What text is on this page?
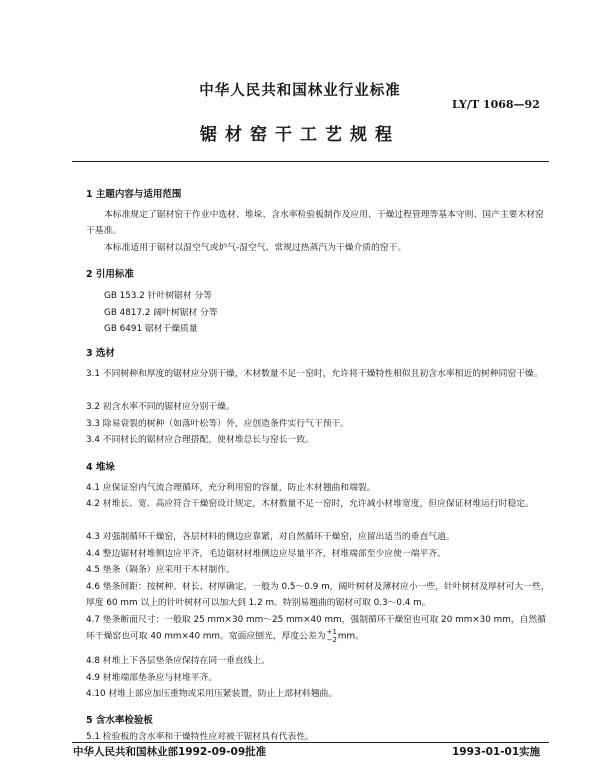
中华人民共和国林业行业标准
LY/T 1068—92
锯材窑干工艺规程
1 主题内容与适用范围
本标准规定了锯材窑干作业中选材、堆垛、含水率检验板制作及应用、干燥过程管理等基本守则、国产主要木材窑干基准。
本标准适用于锯材以湿空气或炉气-湿空气、常规过热蒸汽为干燥介质的窑干。
2 引用标准
GB 153.2 针叶树锯材 分等
GB 4817.2 阔叶树锯材 分等
GB 6491 锯材干燥质量
3 选材
3.1 不同树种和厚度的锯材应分别干燥，木材数量不足一窑时，允许将干燥特性相似且初含水率相近的树种同窑干燥。
3.2 初含水率不同的锯材应分别干燥。
3.3 除易衰裂的树种（如落叶松等）外，应创造条件实行气干预干。
3.4 不同材长的锯材应合理搭配，使材堆总长与窑长一致。
4 堆垛
4.1 应保证窑内气流合理循环，充分利用窑的容量，防止木材翘曲和端裂。
4.2 材堆长、宽、高应符合干燥窑设计规定，木材数量不足一窑时，允许减小材堆宽度，但应保证材堆运行时稳定。
4.3 对强制循环干燥窑，各层材料的侧边应靠紧，对自然循环干燥窑，应留出适当的垂直气道。
4.4 整边锯材材堆侧边应平齐，毛边锯材材堆侧边应尽量平齐，材堆端部至少应使一端平齐。
4.5 垫条（隔条）应采用干木材制作。
4.6 垫条间距：按树种、材长、材厚确定，一般为 0.5～0.9 m，阔叶树材及薄材应小一些，针叶树材及厚材可大一些，厚度 60 mm 以上的针叶树材可以加大到 1.2 m。特别易翘曲的锯材可取 0.3～0.4 m。
4.7 垫条断面尺寸：一般取 25 mm×30 mm～25 mm×40 mm，强制循环干燥窑也可取 20 mm×30 mm，自然循环干燥窑也可取 40 mm×40 mm。宽面应刨光，厚度公差为 +1
−2 mm。
4.8 材堆上下各层垫条应保持在同一垂直线上。
4.9 材堆端部垫条应与材堆平齐。
4.10 材堆上部应加压重物或采用压紧装置，防止上部材料翘曲。
5 含水率检验板
5.1 检验板的含水率和干燥特性应对被干锯材具有代表性。
中华人民共和国林业部1992-09-09批准	1993-01-01实施
